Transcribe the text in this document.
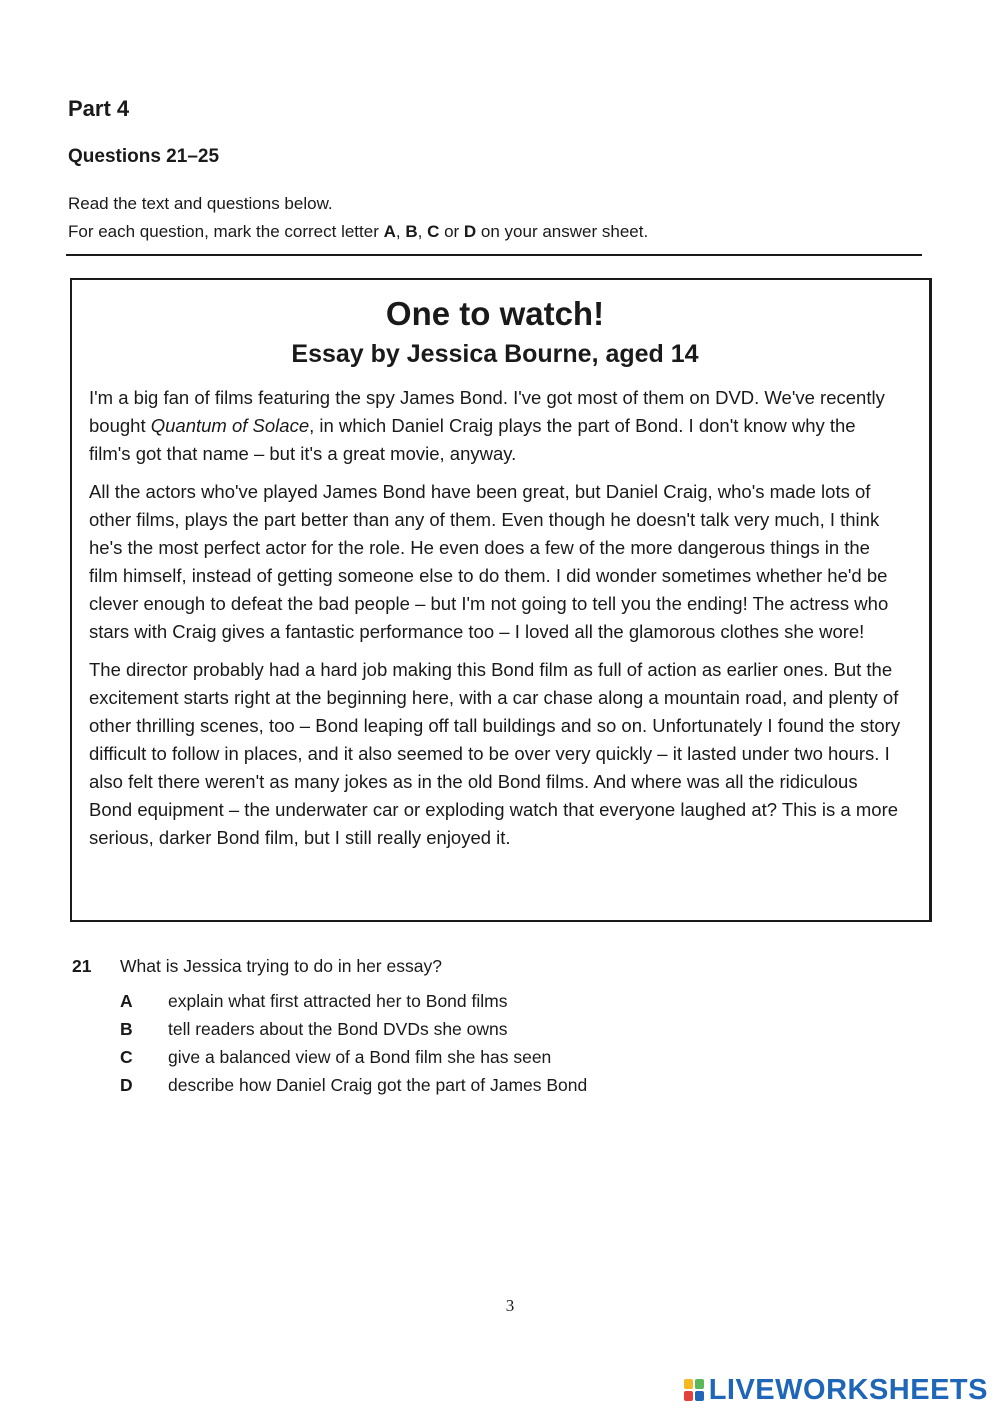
Part 4
Questions 21–25

Read the text and questions below.

For each question, mark the correct letter A, B, C or D on your answer sheet.

One to watch!
Essay by Jessica Bourne, aged 14

I'm a big fan of films featuring the spy James Bond. I've got most of them on DVD. We've recently bought Quantum of Solace, in which Daniel Craig plays the part of Bond. I don't know why the film's got that name – but it's a great movie, anyway.

All the actors who've played James Bond have been great, but Daniel Craig, who's made lots of other films, plays the part better than any of them. Even though he doesn't talk very much, I think he's the most perfect actor for the role. He even does a few of the more dangerous things in the film himself, instead of getting someone else to do them. I did wonder sometimes whether he'd be clever enough to defeat the bad people – but I'm not going to tell you the ending! The actress who stars with Craig gives a fantastic performance too – I loved all the glamorous clothes she wore!

The director probably had a hard job making this Bond film as full of action as earlier ones. But the excitement starts right at the beginning here, with a car chase along a mountain road, and plenty of other thrilling scenes, too – Bond leaping off tall buildings and so on. Unfortunately I found the story difficult to follow in places, and it also seemed to be over very quickly – it lasted under two hours. I also felt there weren't as many jokes as in the old Bond films. And where was all the ridiculous Bond equipment – the underwater car or exploding watch that everyone laughed at? This is a more serious, darker Bond film, but I still really enjoyed it.

21	What is Jessica trying to do in her essay?
A	explain what first attracted her to Bond films
B	tell readers about the Bond DVDs she owns
C	give a balanced view of a Bond film she has seen
D	describe how Daniel Craig got the part of James Bond
3
LIVEWORKSHEETS
